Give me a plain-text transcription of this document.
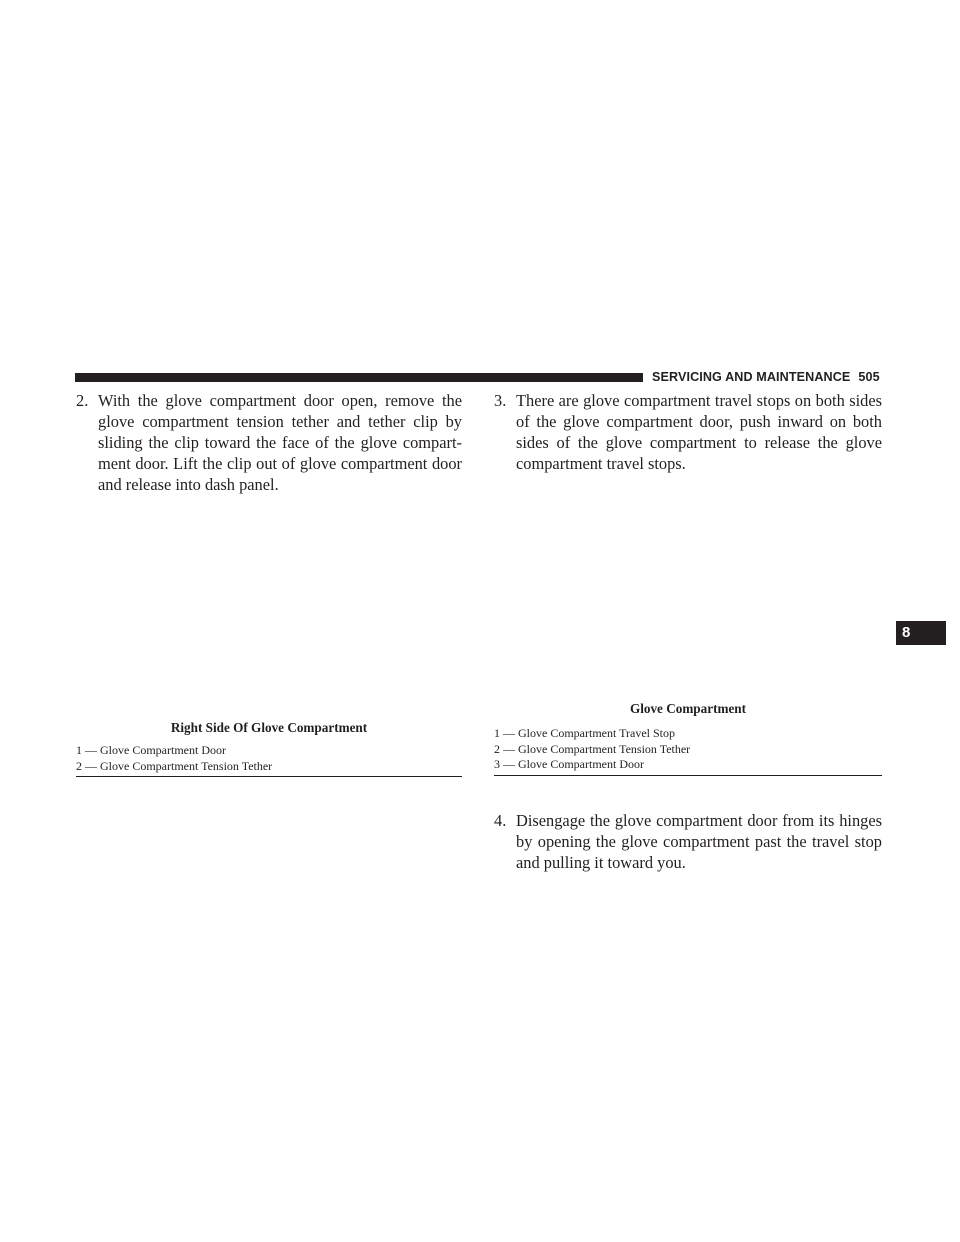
SERVICING AND MAINTENANCE 505
8

2. With the glove compartment door open, remove the glove compartment tension tether and tether clip by sliding the clip toward the face of the glove compart-ment door. Lift the clip out of glove compartment door and release into dash panel.

Right Side Of Glove Compartment
1 — Glove Compartment Door
2 — Glove Compartment Tension Tether

3. There are glove compartment travel stops on both sides of the glove compartment door, push inward on both sides of the glove compartment to release the glove compartment travel stops.

Glove Compartment
1 — Glove Compartment Travel Stop
2 — Glove Compartment Tension Tether
3 — Glove Compartment Door

4. Disengage the glove compartment door from its hinges by opening the glove compartment past the travel stop and pulling it toward you.
